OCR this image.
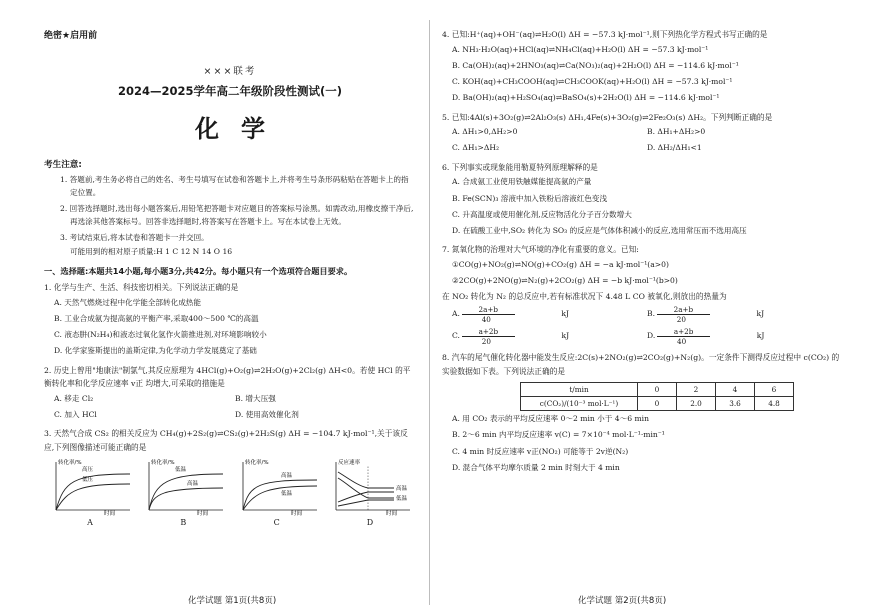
绝密★启用前
×××联考
2024—2025学年高二年级阶段性测试(一)
化学
考生注意:

1. 答题前,考生务必将自己的姓名、考生号填写在试卷和答题卡上,并将考生号条形码粘贴在答题卡上的指定位置。

2. 回答选择题时,选出每小题答案后,用铅笔把答题卡对应题目的答案标号涂黑。如需改动,用橡皮擦干净后,再选涂其他答案标号。回答非选择题时,将答案写在答题卡上。写在本试卷上无效。

3. 考试结束后,将本试卷和答题卡一并交回。

可能用到的相对原子质量:H 1 C 12 N 14 O 16
一、选择题:本题共14小题,每小题3分,共42分。每小题只有一个选项符合题目要求。
1. 化学与生产、生活、科技密切相关。下列说法正确的是
A. 天然气燃烧过程中化学能全部转化成热能
B. 工业合成氨为提高氨的平衡产率,采取400～500 ℃的高温
C. 液态肼(N₂H₄)和液态过氧化氢作火箭推进剂,对环境影响较小
D. 化学家鉴斯提出的盖斯定律,为化学动力学发展奠定了基础
2. 历史上曾用"地康法"制氯气,其反应原理为 4HCl(g)+O₂(g)⇌2H₂O(g)+2Cl₂(g) ΔH<0。若使 HCl 的平衡转化率和化学反应速率 v正 均增大,可采取的措施是
A. 移走 Cl₂	B. 增大压强
C. 加入 HCl	D. 使用高效催化剂
3. 天然气合成 CS₂ 的相关反应为 CH₄(g)+2S₂(g)⇌CS₂(g)+2H₂S(g) ΔH = −104.7 kJ·mol⁻¹,关于该反应,下列图像描述可能正确的是
转化率/%
时间
高压
低压
A
转化率/%
时间
低温
高温
B
转化率/%
时间
高温
低温
C
反应速率
时间
高温
低温
D
化学试题 第1页(共8页)
4. 已知:H⁺(aq)+OH⁻(aq)⇌H₂O(l) ΔH = −57.3 kJ·mol⁻¹,则下列热化学方程式书写正确的是
A. NH₃·H₂O(aq)+HCl(aq)⇌NH₄Cl(aq)+H₂O(l) ΔH = −57.3 kJ·mol⁻¹
B. Ca(OH)₂(aq)+2HNO₃(aq)⇌Ca(NO₃)₂(aq)+2H₂O(l) ΔH = −114.6 kJ·mol⁻¹
C. KOH(aq)+CH₃COOH(aq)⇌CH₃COOK(aq)+H₂O(l) ΔH = −57.3 kJ·mol⁻¹
D. Ba(OH)₂(aq)+H₂SO₄(aq)⇌BaSO₄(s)+2H₂O(l) ΔH = −114.6 kJ·mol⁻¹
5. 已知:4Al(s)+3O₂(g)⇌2Al₂O₃(s) ΔH₁,4Fe(s)+3O₂(g)⇌2Fe₂O₃(s) ΔH₂。下列判断正确的是
A. ΔH₁>0,ΔH₂>0	B. ΔH₁+ΔH₂>0
C. ΔH₁>ΔH₂	D. ΔH₂/ΔH₁<1
6. 下列事实或现象能用勒夏特列原理解释的是
A. 合成氨工业使用铁触媒能提高氨的产量
B. Fe(SCN)₃ 溶液中加入铁粉后溶液红色变浅
C. 升高温度或使用催化剂,反应物活化分子百分数增大
D. 在硫酸工业中,SO₂ 转化为 SO₃ 的反应是气体体积减小的反应,选用常压而不选用高压
7. 氮氧化物的治理对大气环境的净化有重要的意义。已知:
①CO(g)+NO₂(g)⇌NO(g)+CO₂(g) ΔH = −a kJ·mol⁻¹(a>0)
②2CO(g)+2NO(g)⇌N₂(g)+2CO₂(g) ΔH = −b kJ·mol⁻¹(b>0)
在 NO₂ 转化为 N₂ 的总反应中,若有标准状况下 4.48 L CO 被氧化,则放出的热量为
A. $\frac{2a+b}{40}$ kJ	B. $\frac{2a+b}{20}$ kJ
C. $\frac{a+2b}{20}$ kJ	D. $\frac{a+2b}{40}$ kJ
8. 汽车的尾气催化转化器中能发生反应:2C(s)+2NO₂(g)⇌2CO₂(g)+N₂(g)。一定条件下测得反应过程中 c(CO₂) 的实验数据如下表。下列说法正确的是
t/min	0	2	4	6
c(CO₂)/(10⁻³ mol·L⁻¹)	0	2.0	3.6	4.8
A. 用 CO₂ 表示的平均反应速率 0～2 min 小于 4～6 min
B. 2～6 min 内平均反应速率 v(C) = 7×10⁻⁴ mol·L⁻¹·min⁻¹
C. 4 min 时反应速率 v正(NO₂) 可能等于 2v逆(N₂)
D. 混合气体平均摩尔质量 2 min 时刻大于 4 min
化学试题 第2页(共8页)
